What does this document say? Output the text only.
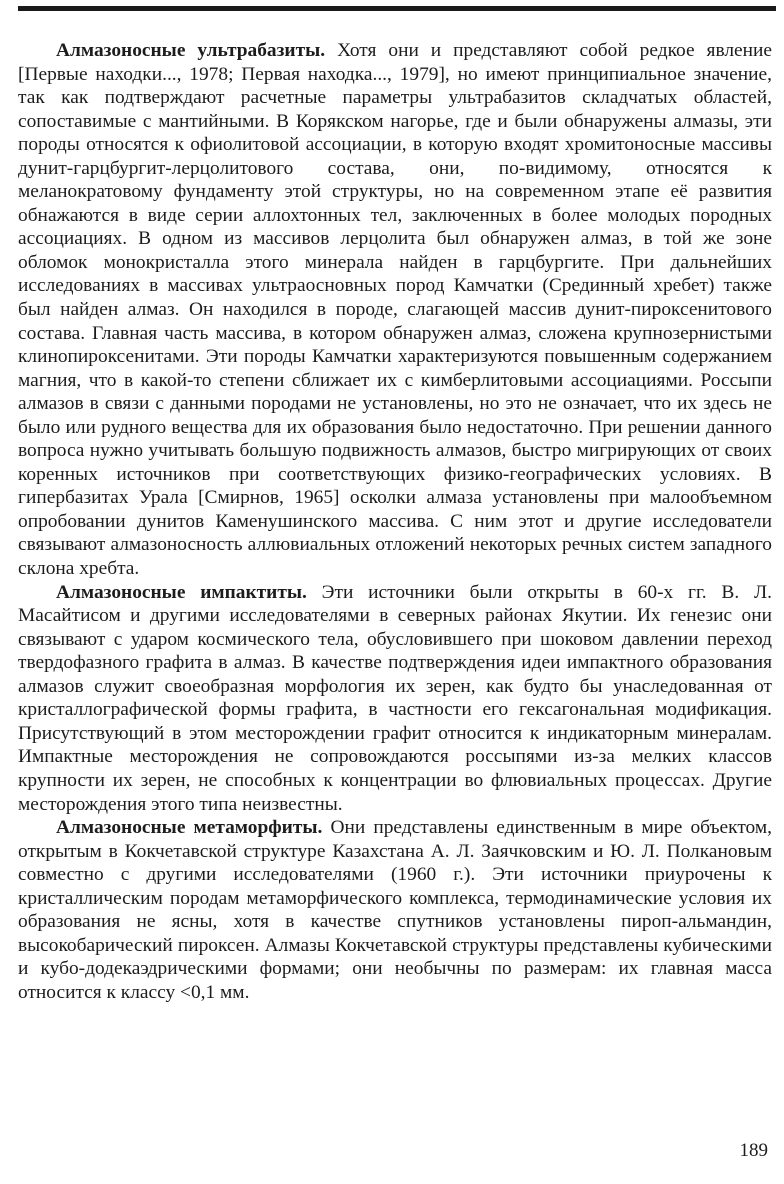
Алмазоносные ультрабазиты. Хотя они и представляют собой редкое явление [Первые находки..., 1978; Первая находка..., 1979], но имеют принципиальное значение, так как подтверждают расчетные параметры ультрабазитов складчатых областей, сопоставимые с мантийными. В Корякском нагорье, где и были обнаружены алмазы, эти породы относятся к офиолитовой ассоциации, в которую входят хромитоносные массивы дунит-гарцбургит-лерцолитового состава, они, по-видимому, относятся к меланократовому фундаменту этой структуры, но на современном этапе её развития обнажаются в виде серии аллохтонных тел, заключенных в более молодых породных ассоциациях. В одном из массивов лерцолита был обнаружен алмаз, в той же зоне обломок монокристалла этого минерала найден в гарцбургите. При дальнейших исследованиях в массивах ультраосновных пород Камчатки (Срединный хребет) также был найден алмаз. Он находился в породе, слагающей массив дунит-пироксенитового состава. Главная часть массива, в котором обнаружен алмаз, сложена крупнозернистыми клинопироксенитами. Эти породы Камчатки характеризуются повышенным содержанием магния, что в какой-то степени сближает их с кимберлитовыми ассоциациями. Россыпи алмазов в связи с данными породами не установлены, но это не означает, что их здесь не было или рудного вещества для их образования было недостаточно. При решении данного вопроса нужно учитывать большую подвижность алмазов, быстро мигрирующих от своих коренных источников при соответствующих физико-географических условиях. В гипербазитах Урала [Смирнов, 1965] осколки алмаза установлены при малообъемном опробовании дунитов Каменушинского массива. С ним этот и другие исследователи связывают алмазоносность аллювиальных отложений некоторых речных систем западного склона хребта.

Алмазоносные импактиты. Эти источники были открыты в 60-х гг. В. Л. Масайтисом и другими исследователями в северных районах Якутии. Их генезис они связывают с ударом космического тела, обусловившего при шоковом давлении переход твердофазного графита в алмаз. В качестве подтверждения идеи импактного образования алмазов служит своеобразная морфология их зерен, как будто бы унаследованная от кристаллографической формы графита, в частности его гексагональная модификация. Присутствующий в этом месторождении графит относится к индикаторным минералам. Импактные месторождения не сопровождаются россыпями из-за мелких классов крупности их зерен, не способных к концентрации во флювиальных процессах. Другие месторождения этого типа неизвестны.

Алмазоносные метаморфиты. Они представлены единственным в мире объектом, открытым в Кокчетавской структуре Казахстана А. Л. Заячковским и Ю. Л. Полкановым совместно с другими исследователями (1960 г.). Эти источники приурочены к кристаллическим породам метаморфического комплекса, термодинамические условия их образования не ясны, хотя в качестве спутников установлены пироп-альмандин, высокобарический пироксен. Алмазы Кокчетавской структуры представлены кубическими и кубо-додекаэдрическими формами; они необычны по размерам: их главная масса относится к классу <0,1 мм.

189
